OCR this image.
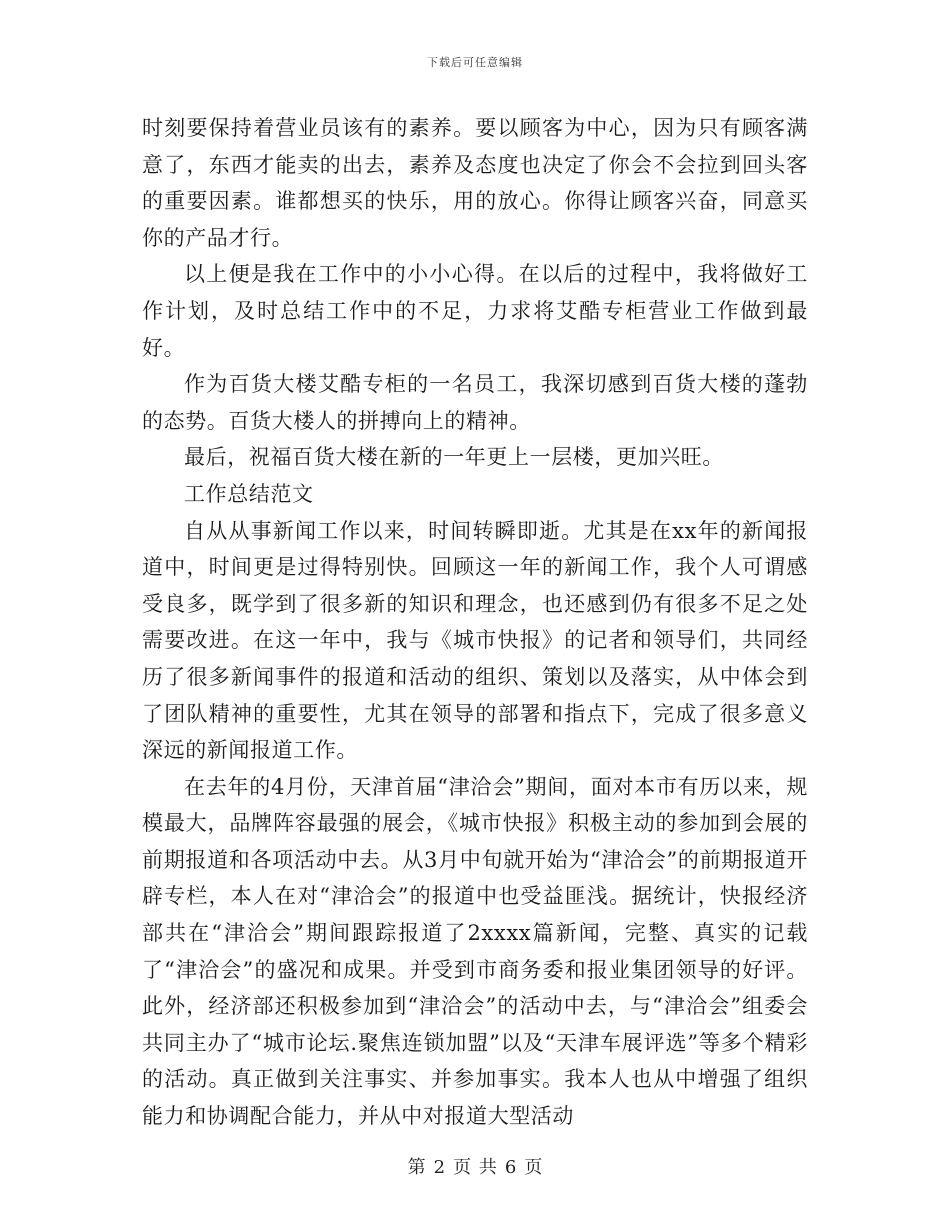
下载后可任意编辑

时刻要保持着营业员该有的素养。要以顾客为中心，因为只有顾客满意了，东西才能卖的出去，素养及态度也决定了你会不会拉到回头客的重要因素。谁都想买的快乐，用的放心。你得让顾客兴奋，同意买你的产品才行。

以上便是我在工作中的小小心得。在以后的过程中，我将做好工作计划，及时总结工作中的不足，力求将艾酷专柜营业工作做到最好。

作为百货大楼艾酷专柜的一名员工，我深切感到百货大楼的蓬勃的态势。百货大楼人的拼搏向上的精神。

最后，祝福百货大楼在新的一年更上一层楼，更加兴旺。

工作总结范文

自从从事新闻工作以来，时间转瞬即逝。尤其是在xx年的新闻报道中，时间更是过得特别快。回顾这一年的新闻工作，我个人可谓感受良多，既学到了很多新的知识和理念，也还感到仍有很多不足之处需要改进。在这一年中，我与《城市快报》的记者和领导们，共同经历了很多新闻事件的报道和活动的组织、策划以及落实，从中体会到了团队精神的重要性，尤其在领导的部署和指点下，完成了很多意义深远的新闻报道工作。

在去年的4月份，天津首届“津洽会”期间，面对本市有历以来，规模最大，品牌阵容最强的展会，《城市快报》积极主动的参加到会展的前期报道和各项活动中去。从3月中旬就开始为“津洽会”的前期报道开辟专栏，本人在对“津洽会”的报道中也受益匪浅。据统计，快报经济部共在“津洽会”期间跟踪报道了2xxxx篇新闻，完整、真实的记载了“津洽会”的盛况和成果。并受到市商务委和报业集团领导的好评。此外，经济部还积极参加到“津洽会”的活动中去，与“津洽会”组委会共同主办了“城市论坛.聚焦连锁加盟”以及“天津车展评选”等多个精彩的活动。真正做到关注事实、并参加事实。我本人也从中增强了组织能力和协调配合能力，并从中对报道大型活动

第 2 页 共 6 页
